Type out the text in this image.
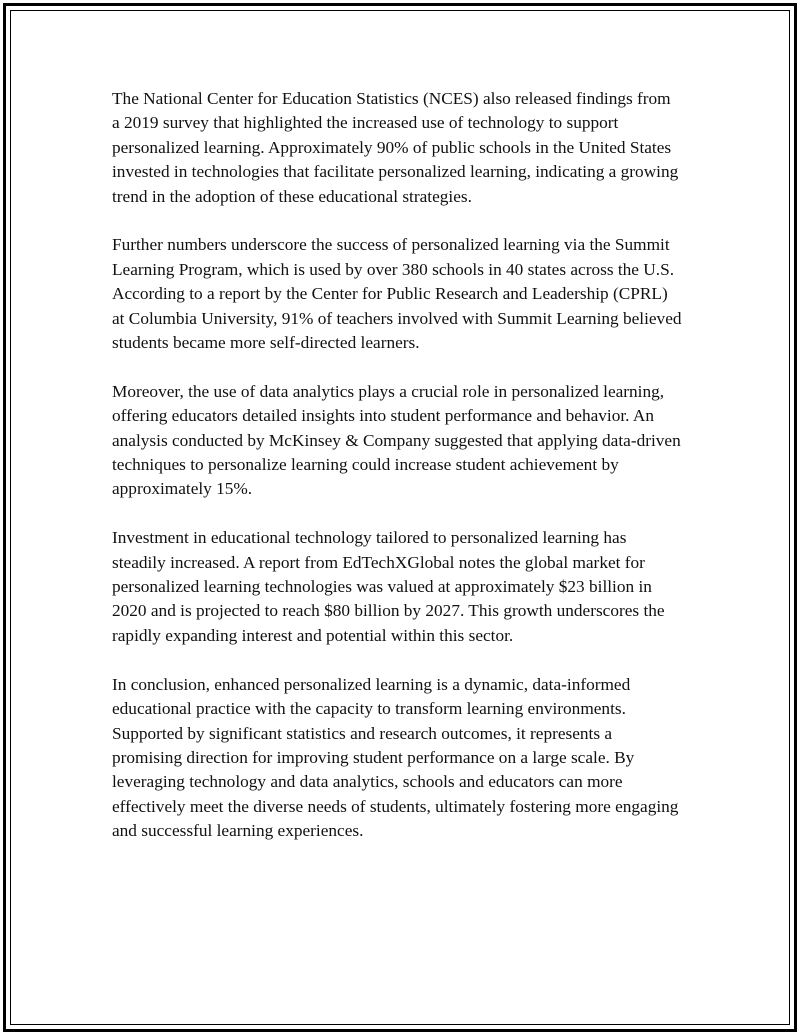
The National Center for Education Statistics (NCES) also released findings from a 2019 survey that highlighted the increased use of technology to support personalized learning. Approximately 90% of public schools in the United States invested in technologies that facilitate personalized learning, indicating a growing trend in the adoption of these educational strategies.

Further numbers underscore the success of personalized learning via the Summit Learning Program, which is used by over 380 schools in 40 states across the U.S. According to a report by the Center for Public Research and Leadership (CPRL) at Columbia University, 91% of teachers involved with Summit Learning believed students became more self-directed learners.

Moreover, the use of data analytics plays a crucial role in personalized learning, offering educators detailed insights into student performance and behavior. An analysis conducted by McKinsey & Company suggested that applying data-driven techniques to personalize learning could increase student achievement by approximately 15%.

Investment in educational technology tailored to personalized learning has steadily increased. A report from EdTechXGlobal notes the global market for personalized learning technologies was valued at approximately $23 billion in 2020 and is projected to reach $80 billion by 2027. This growth underscores the rapidly expanding interest and potential within this sector.

In conclusion, enhanced personalized learning is a dynamic, data-informed educational practice with the capacity to transform learning environments. Supported by significant statistics and research outcomes, it represents a promising direction for improving student performance on a large scale. By leveraging technology and data analytics, schools and educators can more effectively meet the diverse needs of students, ultimately fostering more engaging and successful learning experiences.
